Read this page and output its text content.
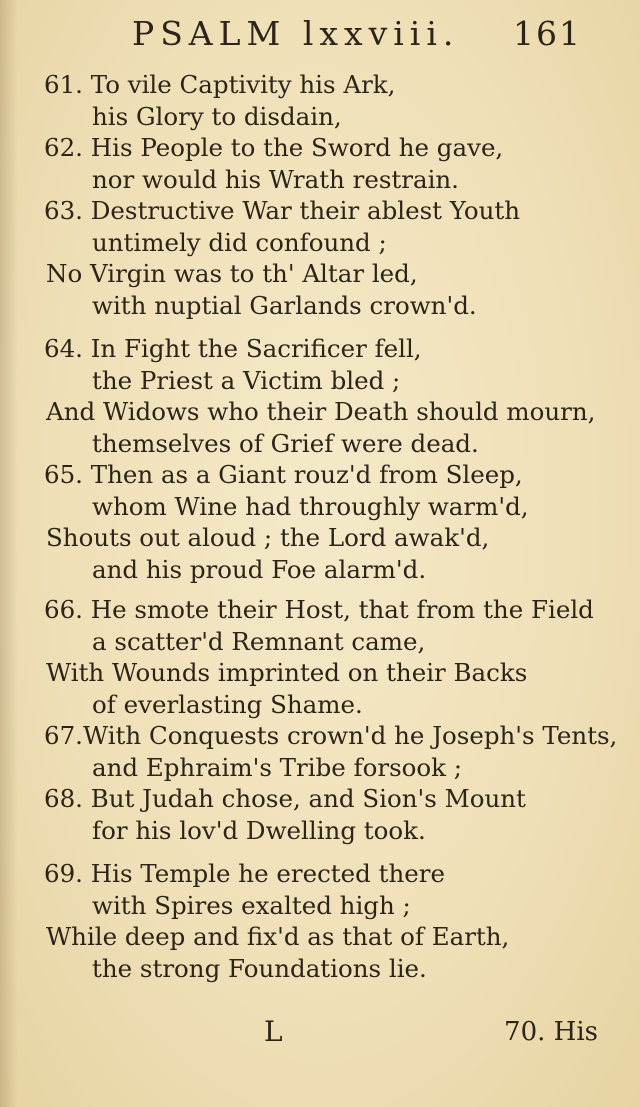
PSALM lxxviii. 161
61. To vile Captivity his Ark,
his Glory to disdain,
62. His People to the Sword he gave,
nor would his Wrath restrain.
63. Destructive War their ablest Youth
untimely did confound ;
No Virgin was to th' Altar led,
with nuptial Garlands crown'd.
64. In Fight the Sacrificer fell,
the Priest a Victim bled ;
And Widows who their Death should mourn,
themselves of Grief were dead.
65. Then as a Giant rouz'd from Sleep,
whom Wine had throughly warm'd,
Shouts out aloud ; the Lord awak'd,
and his proud Foe alarm'd.
66. He smote their Host, that from the Field
a scatter'd Remnant came,
With Wounds imprinted on their Backs
of everlasting Shame.
67.With Conquests crown'd he Joseph's Tents,
and Ephraim's Tribe forsook ;
68. But Judah chose, and Sion's Mount
for his lov'd Dwelling took.
69. His Temple he erected there
with Spires exalted high ;
While deep and fix'd as that of Earth,
the strong Foundations lie.
L	70. His
